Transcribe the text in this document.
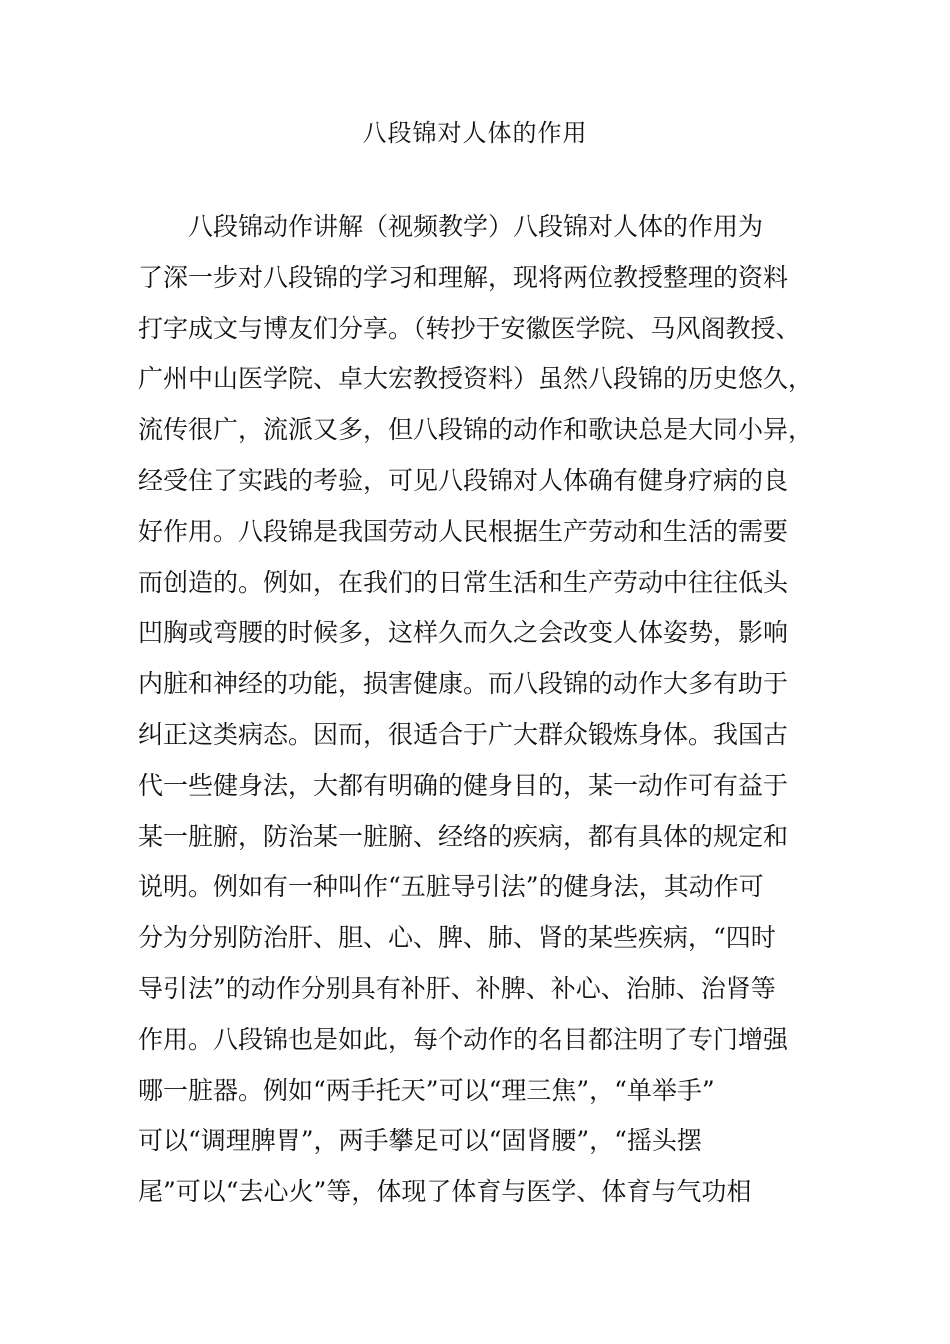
八段锦对人体的作用
八段锦动作讲解（视频教学）八段锦对人体的作用为
了深一步对八段锦的学习和理解，现将两位教授整理的资料
打字成文与博友们分享。（转抄于安徽医学院、马风阁教授、
广州中山医学院、卓大宏教授资料）虽然八段锦的历史悠久，
流传很广，流派又多，但八段锦的动作和歌诀总是大同小异，
经受住了实践的考验，可见八段锦对人体确有健身疗病的良
好作用。八段锦是我国劳动人民根据生产劳动和生活的需要
而创造的。例如，在我们的日常生活和生产劳动中往往低头
凹胸或弯腰的时候多，这样久而久之会改变人体姿势，影响
内脏和神经的功能，损害健康。而八段锦的动作大多有助于
纠正这类病态。因而，很适合于广大群众锻炼身体。我国古
代一些健身法，大都有明确的健身目的，某一动作可有益于
某一脏腑，防治某一脏腑、经络的疾病，都有具体的规定和
说明。例如有一种叫作“五脏导引法”的健身法，其动作可
分为分别防治肝、胆、心、脾、肺、肾的某些疾病，“四时
导引法”的动作分别具有补肝、补脾、补心、治肺、治肾等
作用。八段锦也是如此，每个动作的名目都注明了专门增强
哪一脏器。例如“两手托天”可以“理三焦”，“单举手”
可以“调理脾胃”，两手攀足可以“固肾腰”，“摇头摆
尾”可以“去心火”等，体现了体育与医学、体育与气功相
